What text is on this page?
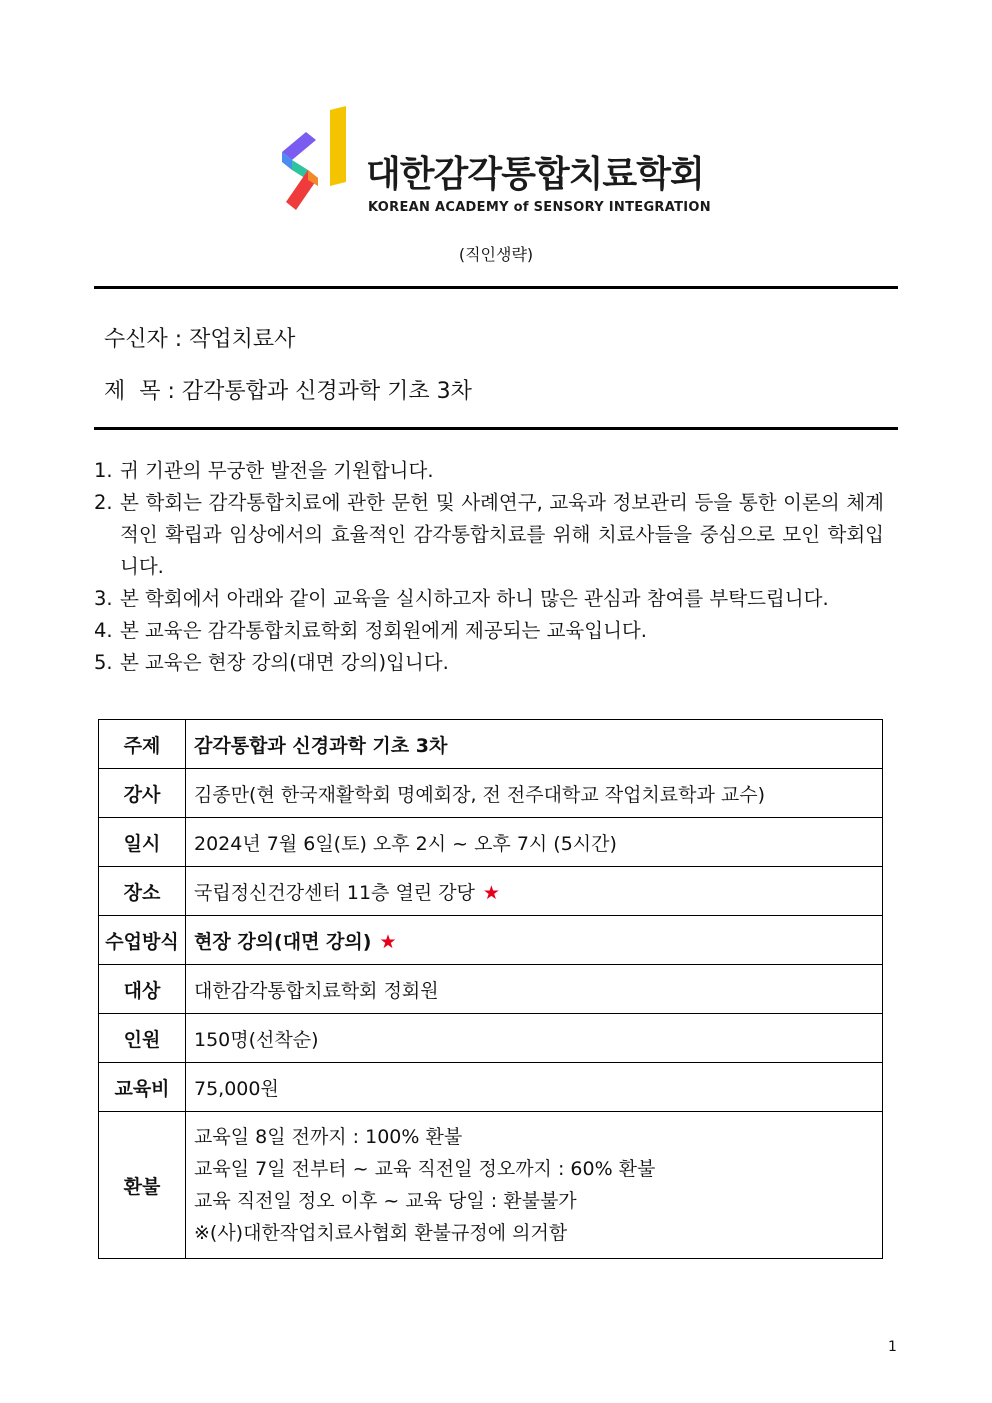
대한감각통합치료학회
KOREAN ACADEMY of SENSORY INTEGRATION
(직인생략)
수신자 : 작업치료사
제  목 : 감각통합과 신경과학 기초 3차
1. 귀 기관의 무궁한 발전을 기원합니다.
2. 본 학회는 감각통합치료에 관한 문헌 및 사례연구, 교육과 정보관리 등을 통한 이론의 체계적인 확립과 임상에서의 효율적인 감각통합치료를 위해 치료사들을 중심으로 모인 학회입니다.
3. 본 학회에서 아래와 같이 교육을 실시하고자 하니 많은 관심과 참여를 부탁드립니다.
4. 본 교육은 감각통합치료학회 정회원에게 제공되는 교육입니다.
5. 본 교육은 현장 강의(대면 강의)입니다.
주제	감각통합과 신경과학 기초 3차
강사	김종만(현 한국재활학회 명예회장, 전 전주대학교 작업치료학과 교수)
일시	2024년 7월 6일(토) 오후 2시 ~ 오후 7시 (5시간)
장소	국립정신건강센터 11층 열린 강당 ★
수업방식	현장 강의(대면 강의) ★
대상	대한감각통합치료학회 정회원
인원	150명(선착순)
교육비	75,000원
환불	교육일 8일 전까지 : 100% 환불
교육일 7일 전부터 ~ 교육 직전일 정오까지 : 60% 환불
교육 직전일 정오 이후 ~ 교육 당일 : 환불불가
※(사)대한작업치료사협회 환불규정에 의거함
1
